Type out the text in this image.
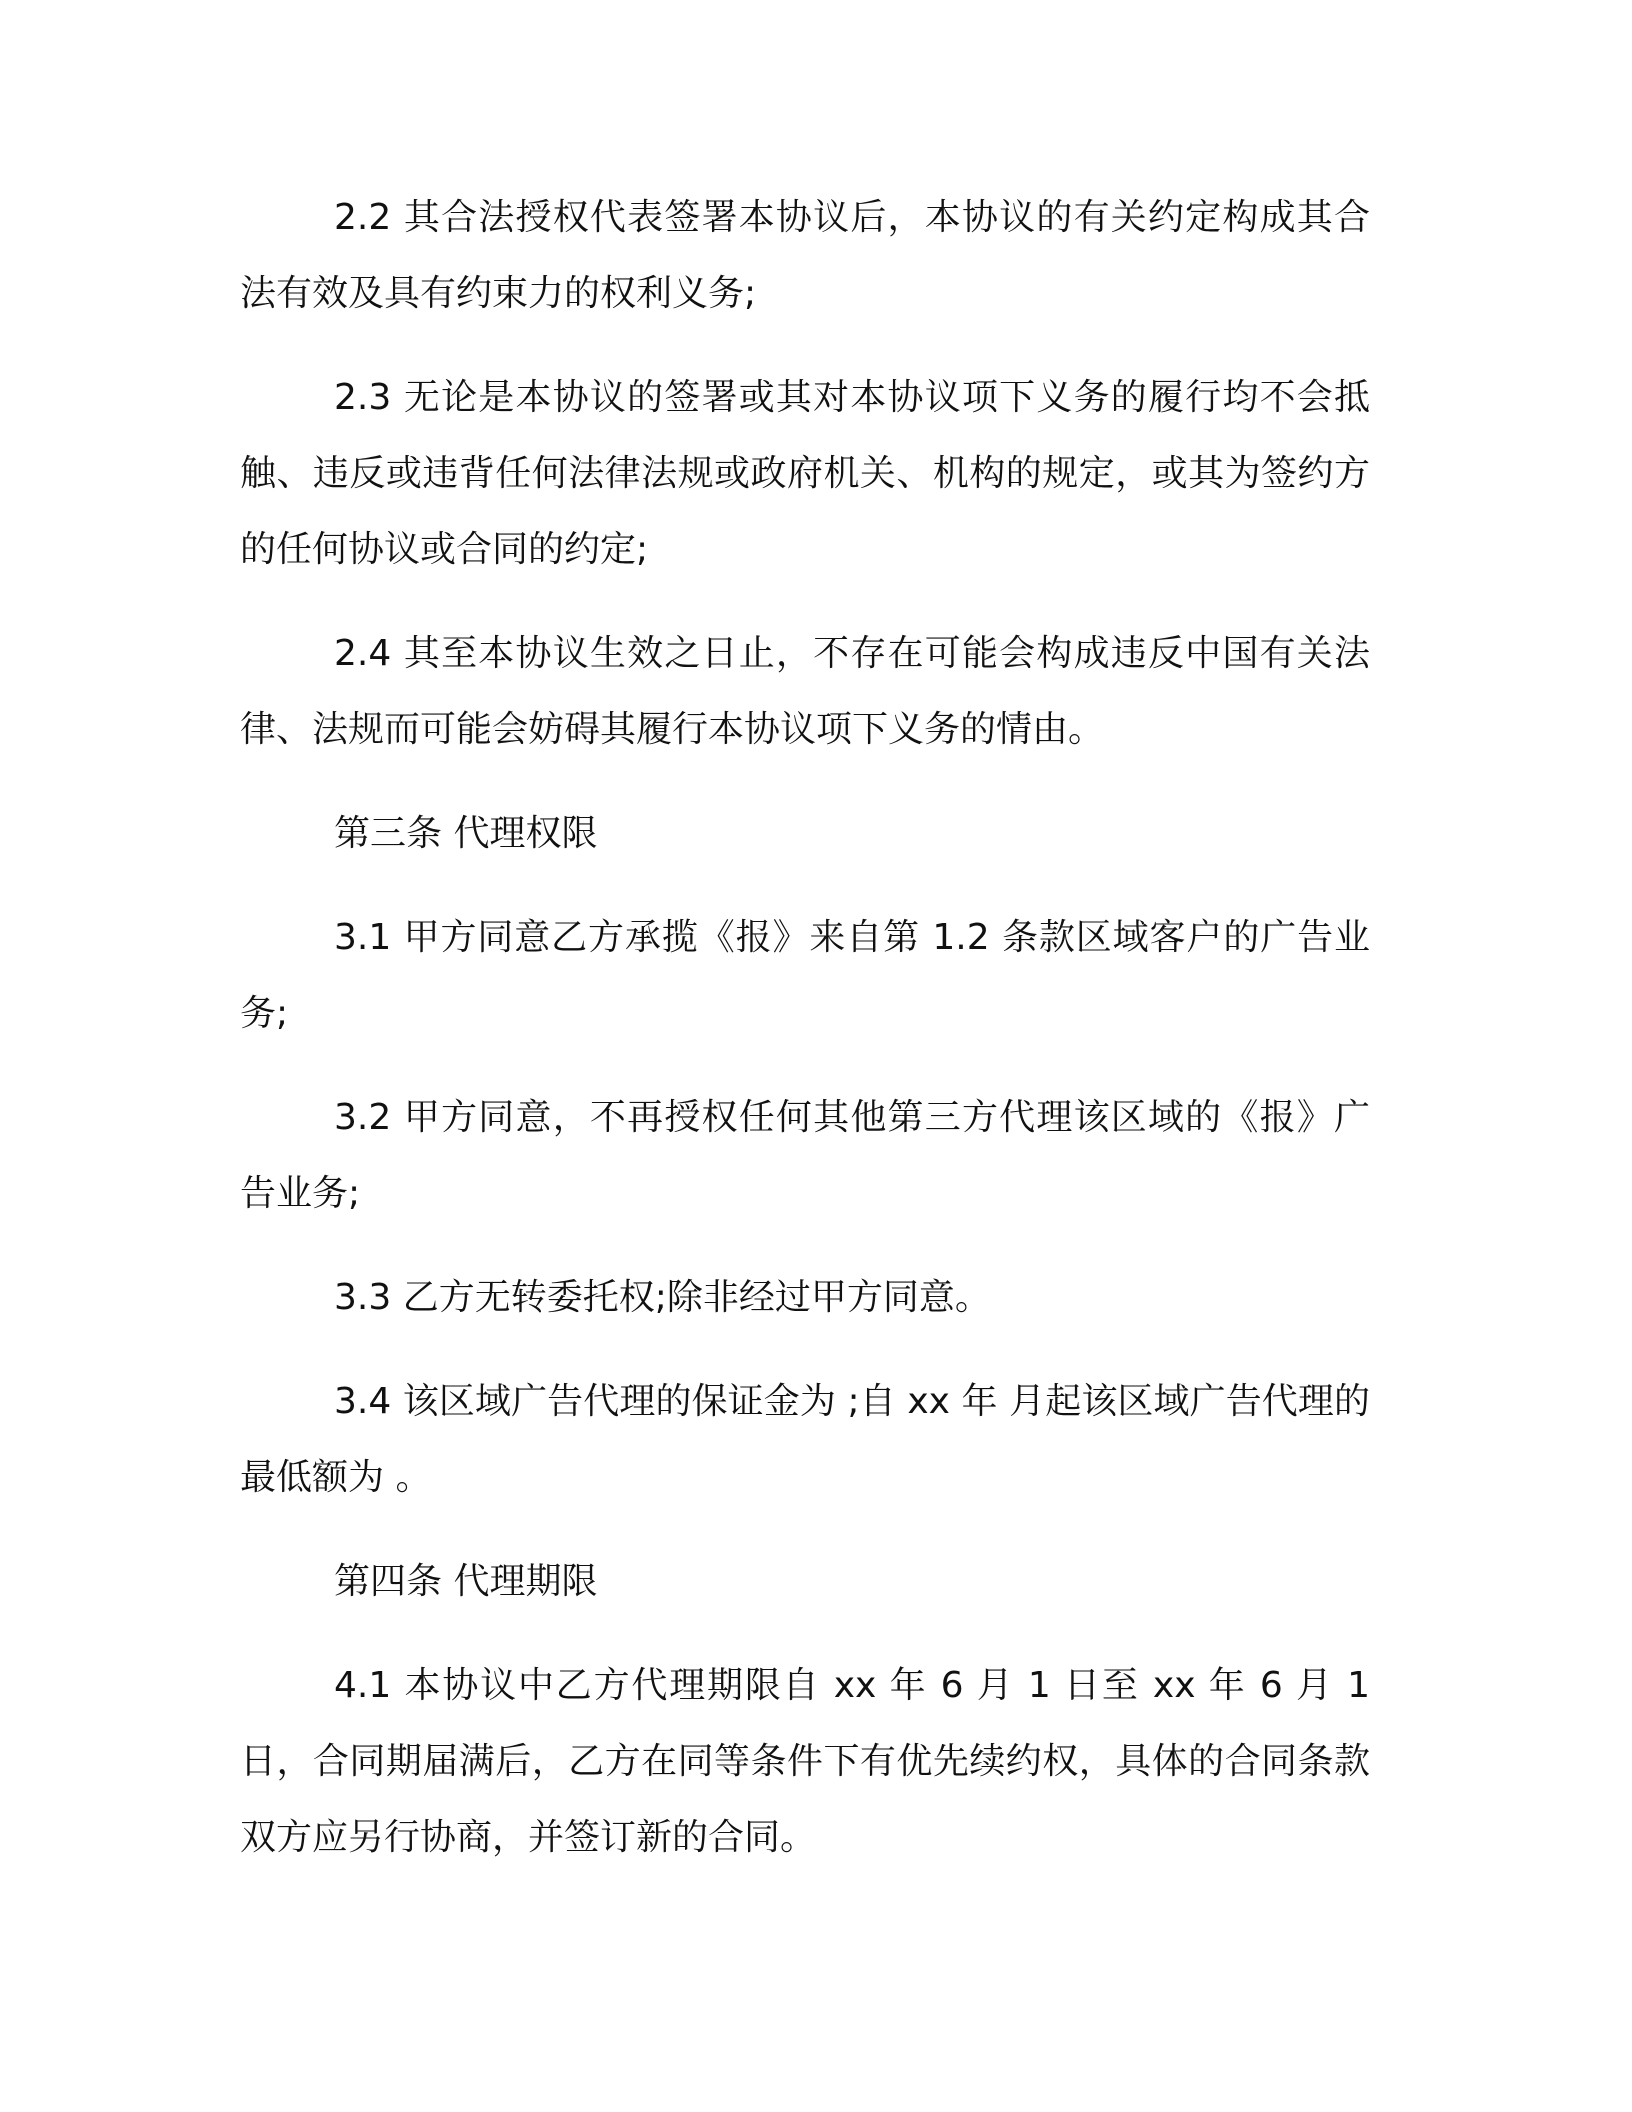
2.2 其合法授权代表签署本协议后，本协议的有关约定构成其合法有效及具有约束力的权利义务;

2.3 无论是本协议的签署或其对本协议项下义务的履行均不会抵触、违反或违背任何法律法规或政府机关、机构的规定，或其为签约方的任何协议或合同的约定;

2.4 其至本协议生效之日止，不存在可能会构成违反中国有关法律、法规而可能会妨碍其履行本协议项下义务的情由。

第三条 代理权限

3.1 甲方同意乙方承揽《报》来自第 1.2 条款区域客户的广告业务;

3.2 甲方同意，不再授权任何其他第三方代理该区域的《报》广告业务;

3.3 乙方无转委托权;除非经过甲方同意。

3.4 该区域广告代理的保证金为 ;自 xx 年 月起该区域广告代理的最低额为 。

第四条 代理期限

4.1 本协议中乙方代理期限自 xx 年 6 月 1 日至 xx 年 6 月 1 日，合同期届满后，乙方在同等条件下有优先续约权，具体的合同条款双方应另行协商，并签订新的合同。
